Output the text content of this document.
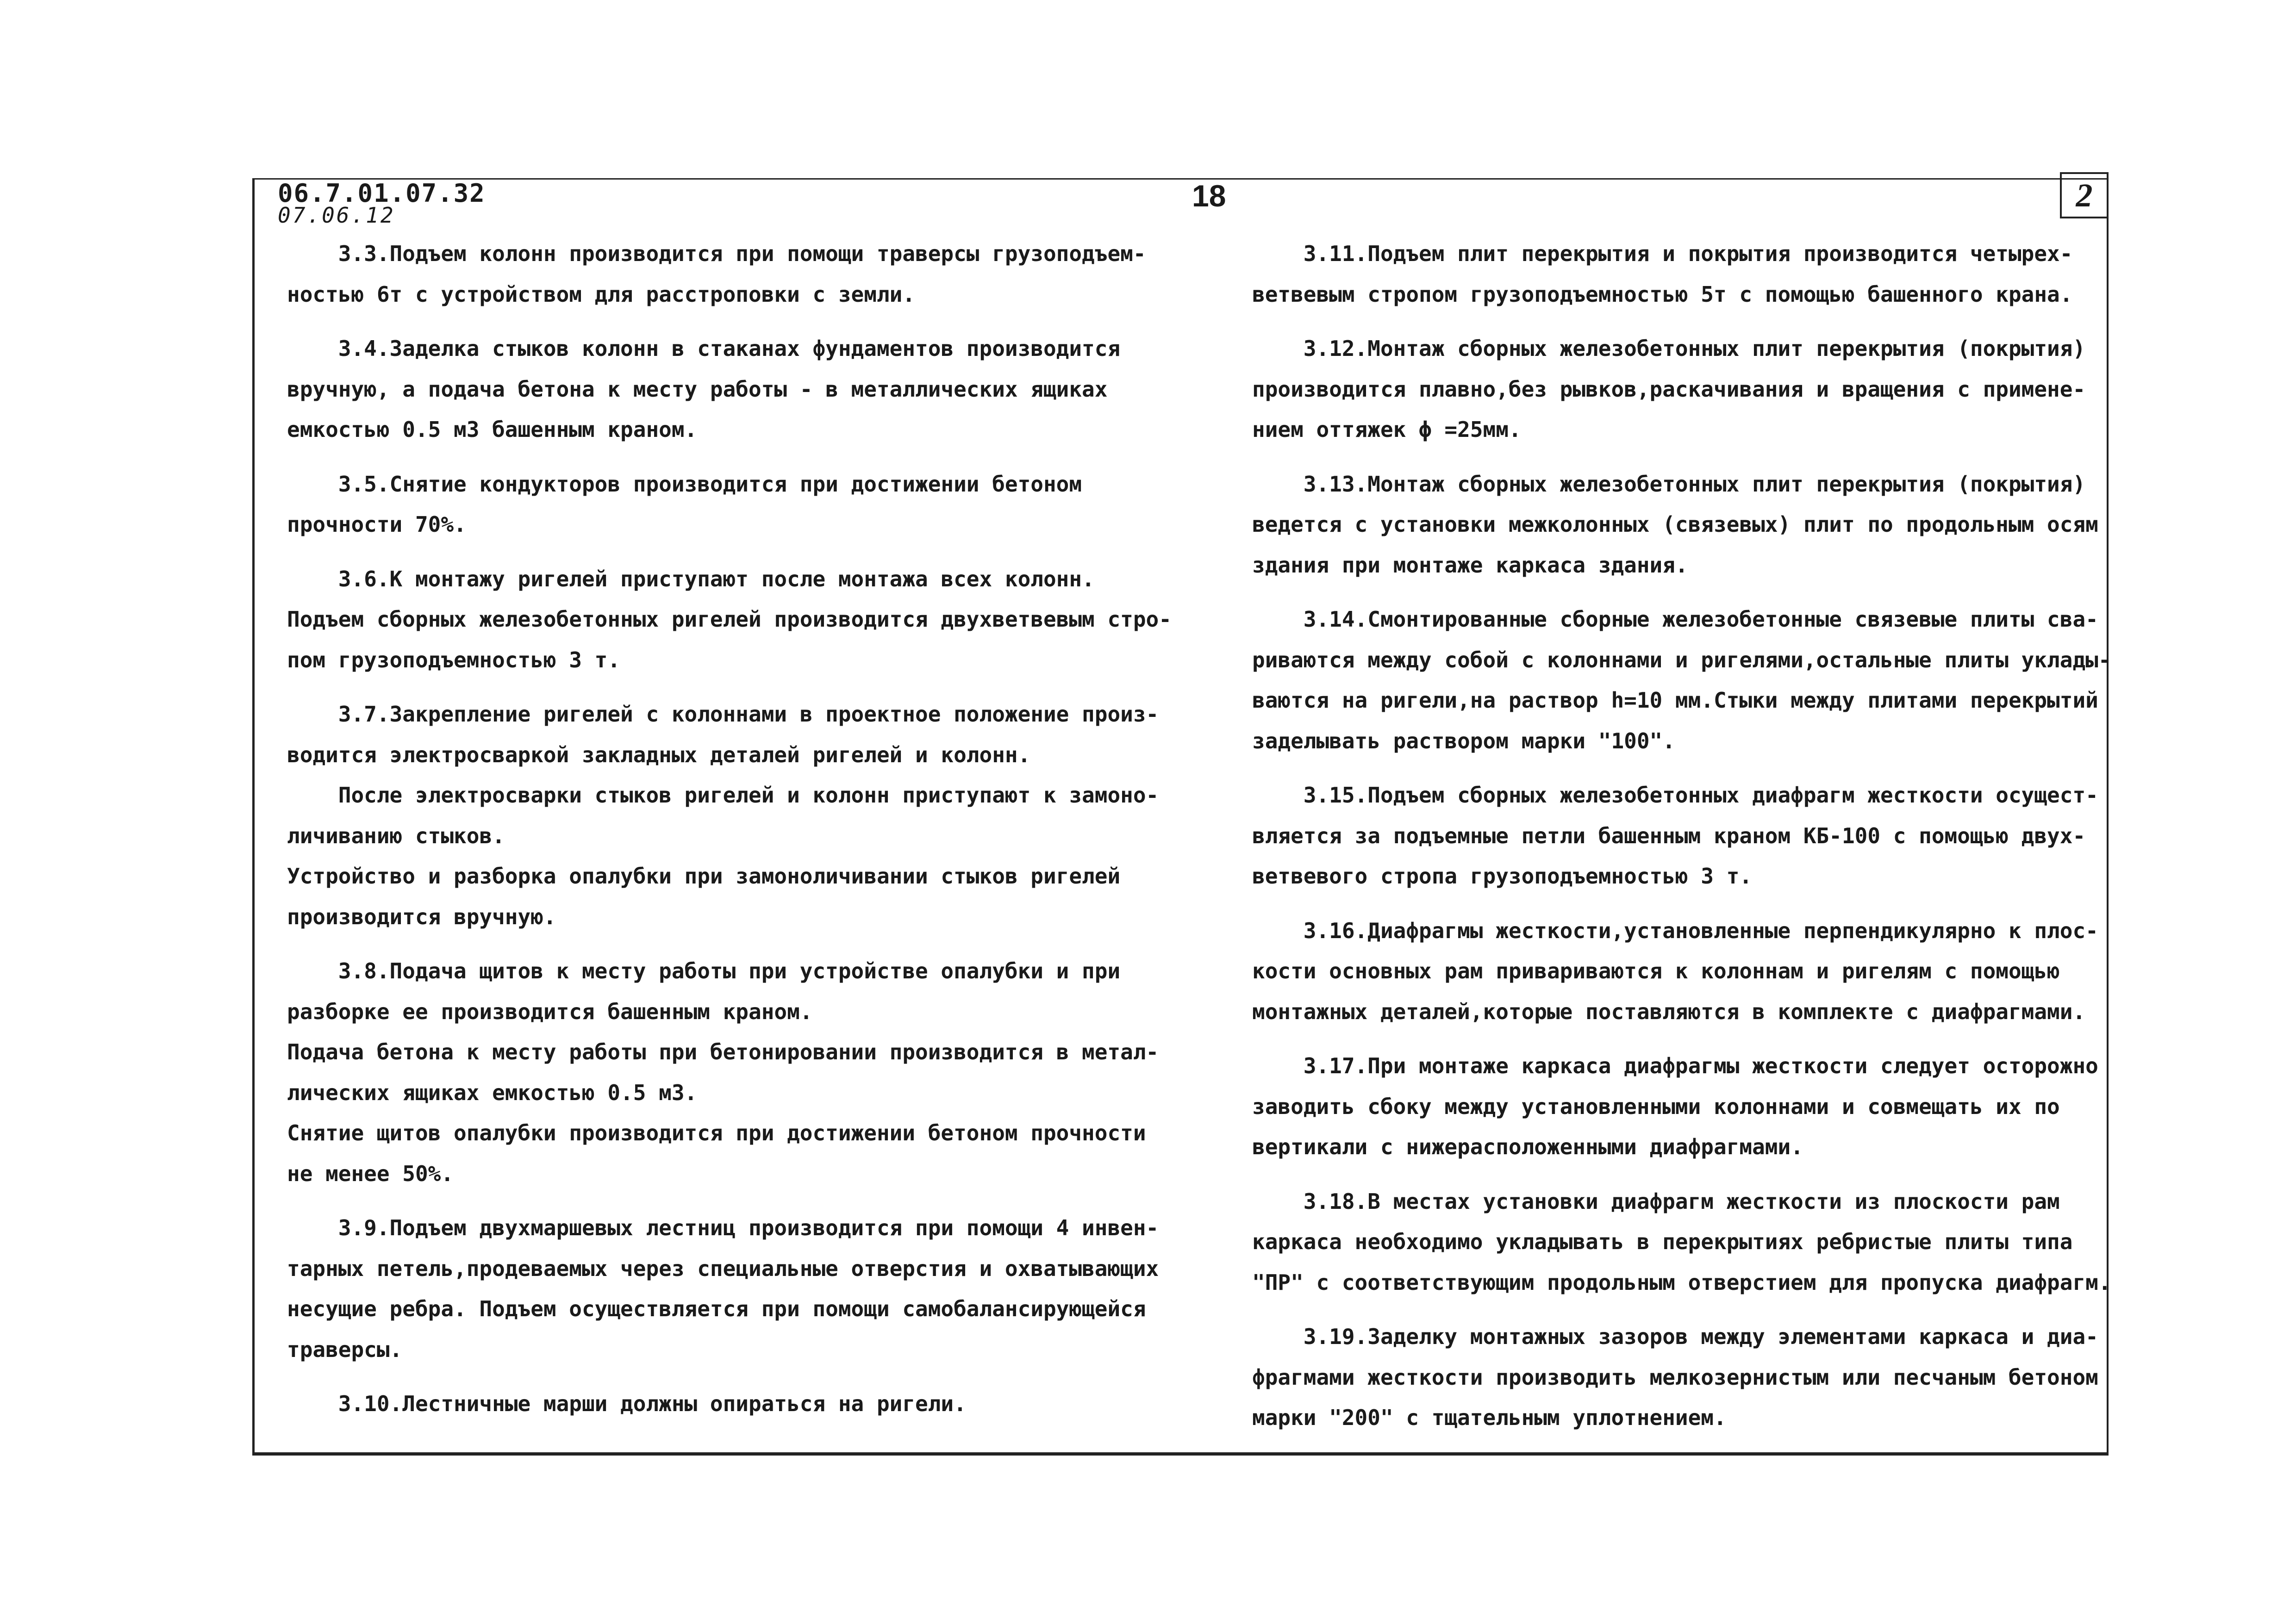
06.7.01.07.32
07.06.12
18	2
3.3.Подъем колонн производится при помощи траверсы грузоподъем-
ностью 6т с устройством для расстроповки с земли.
3.4.Заделка стыков колонн в стаканах фундаментов производится
вручную, а подача бетона к месту работы - в металлических ящиках
емкостью 0.5 м3 башенным краном.
3.5.Снятие кондукторов производится при достижении бетоном
прочности 70%.
3.6.К монтажу ригелей приступают после монтажа всех колонн.
Подъем сборных железобетонных ригелей производится двухветвевым стро-
пом грузоподъемностью 3 т.
3.7.Закрепление ригелей с колоннами в проектное положение произ-
водится электросваркой закладных деталей ригелей и колонн.
После электросварки стыков ригелей и колонн приступают к замоно-
личиванию стыков.
Устройство и разборка опалубки при замоноличивании стыков ригелей
производится вручную.
3.8.Подача щитов к месту работы при устройстве опалубки и при
разборке ее производится башенным краном.
Подача бетона к месту работы при бетонировании производится в метал-
лических ящиках емкостью 0.5 м3.
Снятие щитов опалубки производится при достижении бетоном прочности
не менее 50%.
3.9.Подъем двухмаршевых лестниц производится при помощи 4 инвен-
тарных петель,продеваемых через специальные отверстия и охватывающих
несущие ребра. Подъем осуществляется при помощи самобалансирующейся
траверсы.
3.10.Лестничные марши должны опираться на ригели.
3.11.Подъем плит перекрытия и покрытия производится четырех-
ветвевым стропом грузоподъемностью 5т с помощью башенного крана.
3.12.Монтаж сборных железобетонных плит перекрытия (покрытия)
производится плавно,без рывков,раскачивания и вращения с примене-
нием оттяжек ϕ =25мм.
3.13.Монтаж сборных железобетонных плит перекрытия (покрытия)
ведется с установки межколонных (связевых) плит по продольным осям
здания при монтаже каркаса здания.
3.14.Смонтированные сборные железобетонные связевые плиты сва-
риваются между собой с колоннами и ригелями,остальные плиты уклады-
ваются на ригели,на раствор h=10 мм.Стыки между плитами перекрытий
заделывать раствором марки "100".
3.15.Подъем сборных железобетонных диафрагм жесткости осущест-
вляется за подъемные петли башенным краном КБ-100 с помощью двух-
ветвевого стропа грузоподъемностью 3 т.
3.16.Диафрагмы жесткости,установленные перпендикулярно к плос-
кости основных рам привариваются к колоннам и ригелям с помощью
монтажных деталей,которые поставляются в комплекте с диафрагмами.
3.17.При монтаже каркаса диафрагмы жесткости следует осторожно
заводить сбоку между установленными колоннами и совмещать их по
вертикали с нижерасположенными диафрагмами.
3.18.В местах установки диафрагм жесткости из плоскости рам
каркаса необходимо укладывать в перекрытиях ребристые плиты типа
"ПР" с соответствующим продольным отверстием для пропуска диафрагм.
3.19.Заделку монтажных зазоров между элементами каркаса и диа-
фрагмами жесткости производить мелкозернистым или песчаным бетоном
марки "200" с тщательным уплотнением.
